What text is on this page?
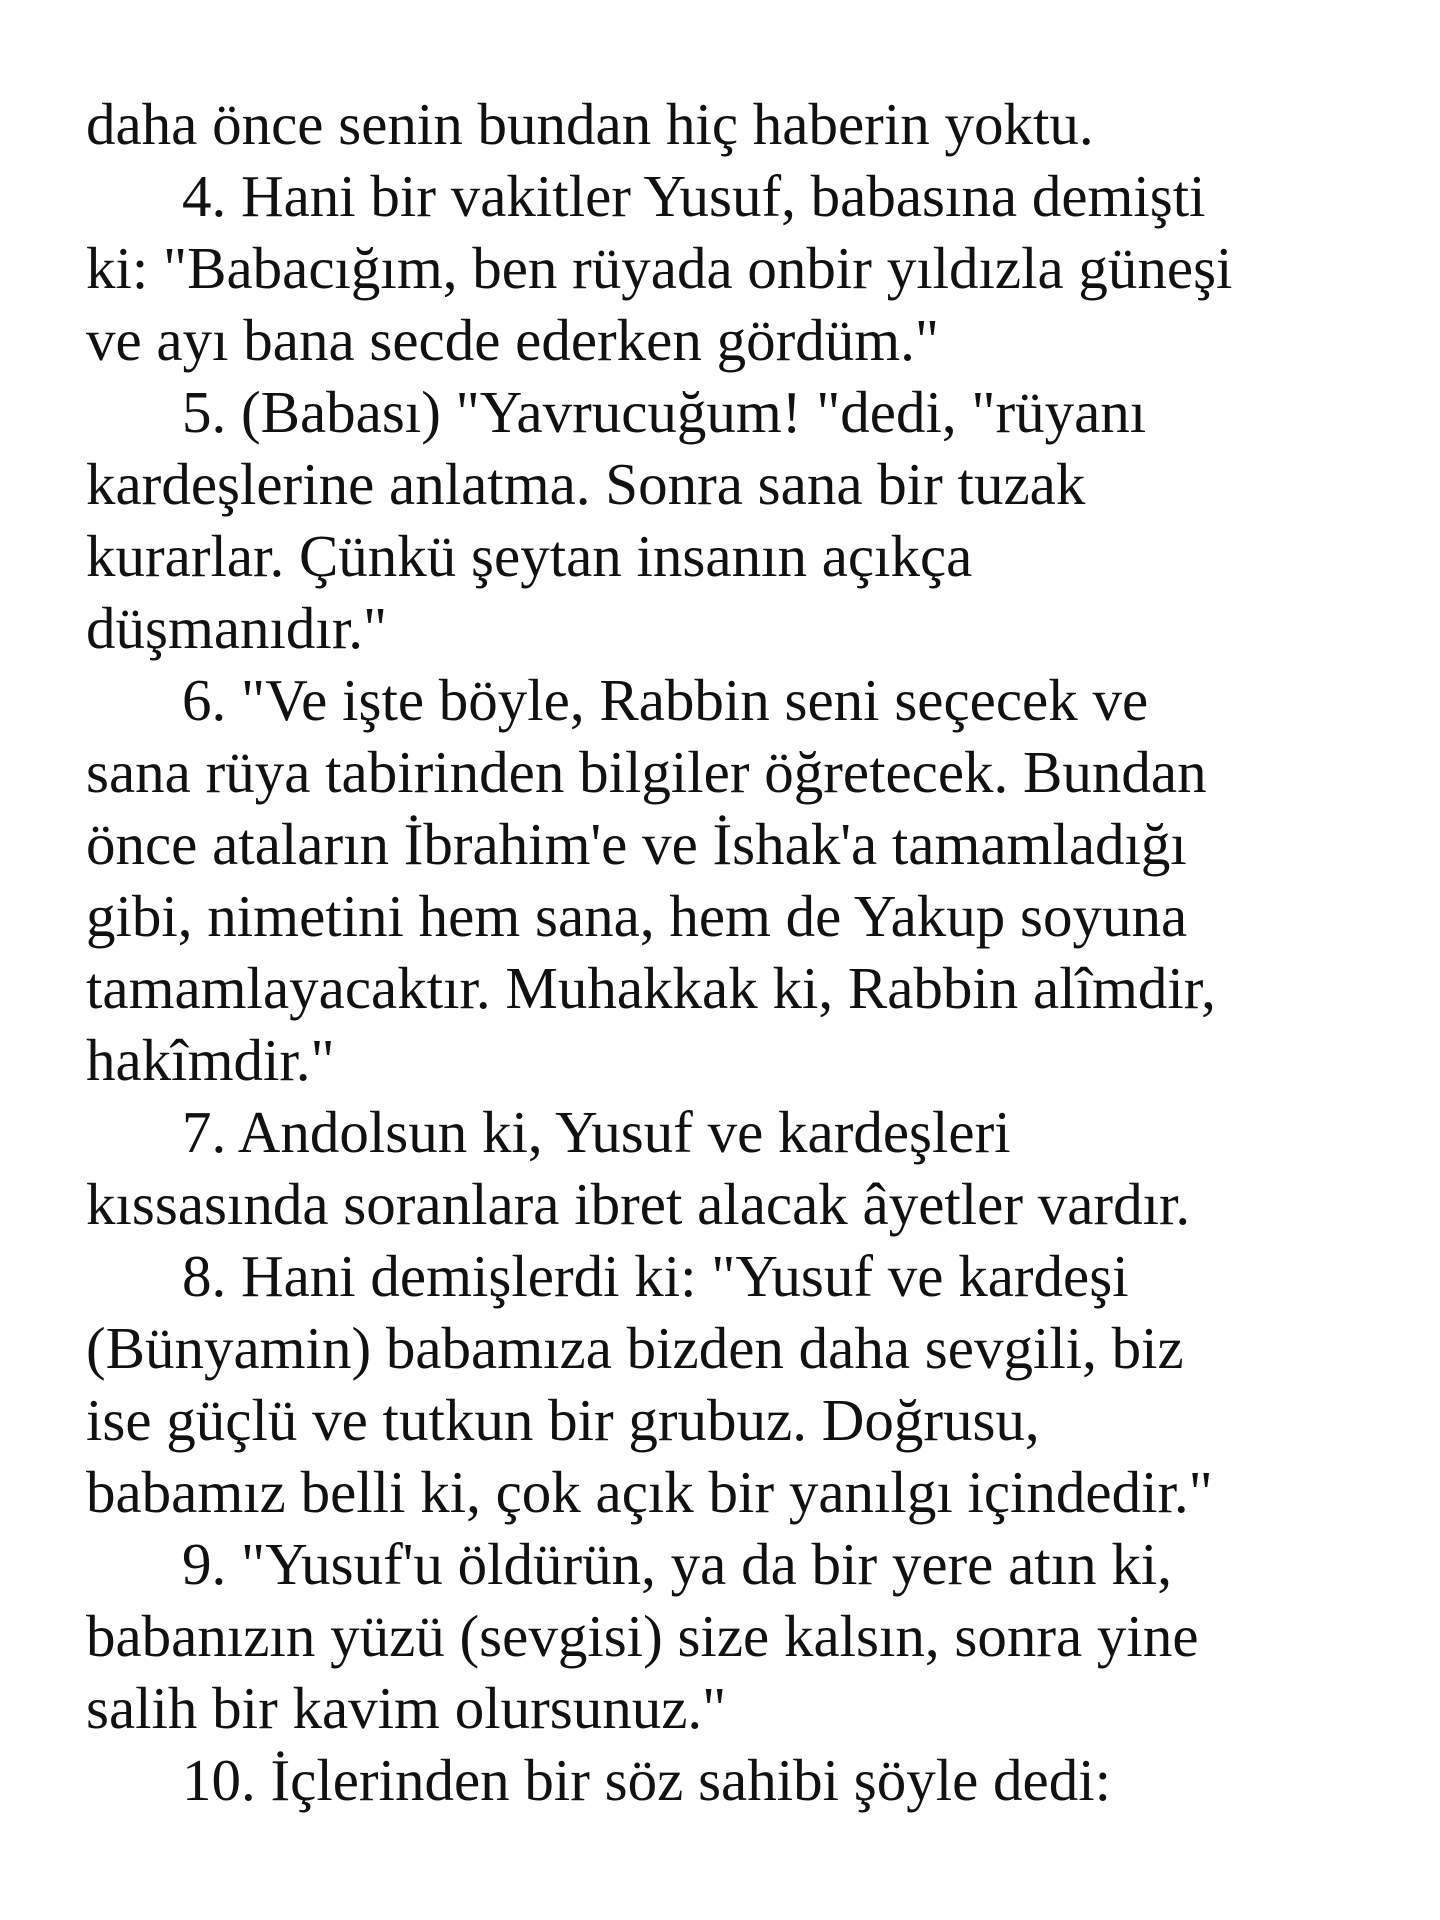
daha önce senin bundan hiç haberin yoktu.
4. Hani bir vakitler Yusuf, babasına demişti
ki: "Babacığım, ben rüyada onbir yıldızla güneşi
ve ayı bana secde ederken gördüm."
5. (Babası) "Yavrucuğum! "dedi, "rüyanı
kardeşlerine anlatma. Sonra sana bir tuzak
kurarlar. Çünkü şeytan insanın açıkça
düşmanıdır."
6. "Ve işte böyle, Rabbin seni seçecek ve
sana rüya tabirinden bilgiler öğretecek. Bundan
önce ataların İbrahim'e ve İshak'a tamamladığı
gibi, nimetini hem sana, hem de Yakup soyuna
tamamlayacaktır. Muhakkak ki, Rabbin alîmdir,
hakîmdir."
7. Andolsun ki, Yusuf ve kardeşleri
kıssasında soranlara ibret alacak âyetler vardır.
8. Hani demişlerdi ki: "Yusuf ve kardeşi
(Bünyamin) babamıza bizden daha sevgili, biz
ise güçlü ve tutkun bir grubuz. Doğrusu,
babamız belli ki, çok açık bir yanılgı içindedir."
9. "Yusuf'u öldürün, ya da bir yere atın ki,
babanızın yüzü (sevgisi) size kalsın, sonra yine
salih bir kavim olursunuz."
10. İçlerinden bir söz sahibi şöyle dedi:
